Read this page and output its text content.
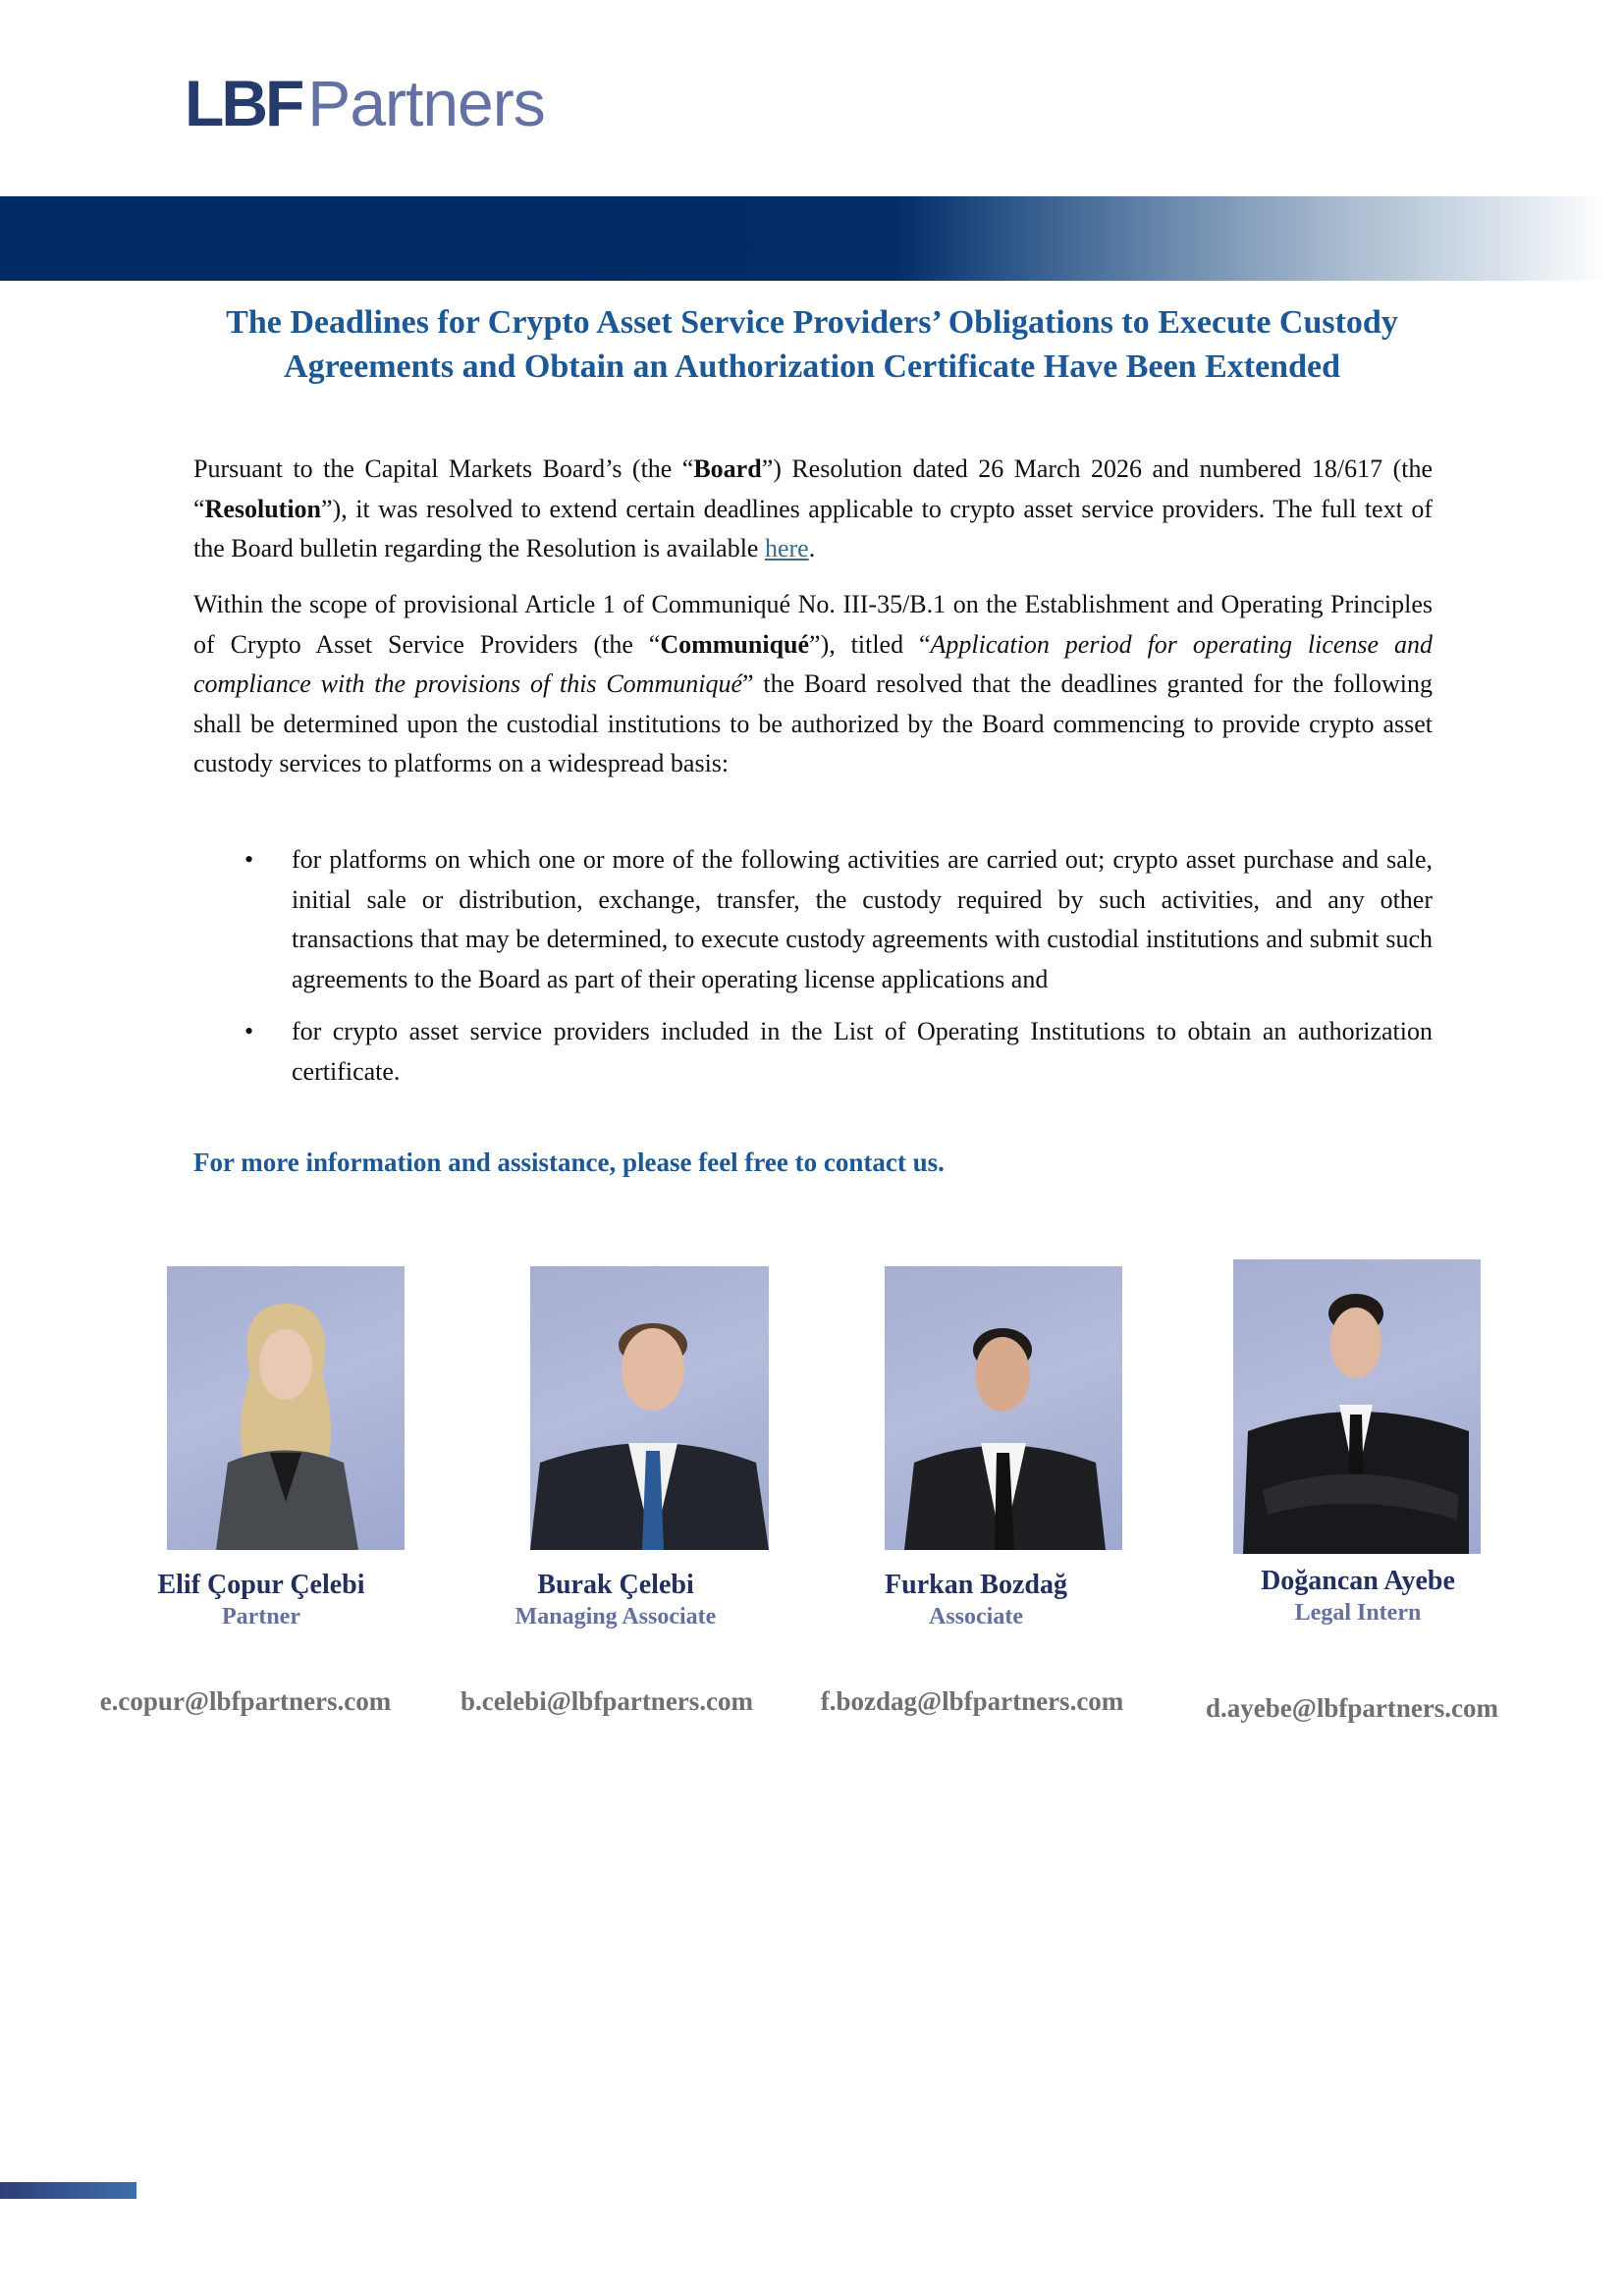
LBF Partners
The Deadlines for Crypto Asset Service Providers’ Obligations to Execute Custody Agreements and Obtain an Authorization Certificate Have Been Extended

Pursuant to the Capital Markets Board’s (the “Board”) Resolution dated 26 March 2026 and numbered 18/617 (the “Resolution”), it was resolved to extend certain deadlines applicable to crypto asset service providers. The full text of the Board bulletin regarding the Resolution is available here.

Within the scope of provisional Article 1 of Communiqué No. III-35/B.1 on the Establishment and Operating Principles of Crypto Asset Service Providers (the “Communiqué”), titled “Application period for operating license and compliance with the provisions of this Communiqué” the Board resolved that the deadlines granted for the following shall be determined upon the custodial institutions to be authorized by the Board commencing to provide crypto asset custody services to platforms on a widespread basis:

• for platforms on which one or more of the following activities are carried out; crypto asset purchase and sale, initial sale or distribution, exchange, transfer, the custody required by such activities, and any other transactions that may be determined, to execute custody agreements with custodial institutions and submit such agreements to the Board as part of their operating license applications and
• for crypto asset service providers included in the List of Operating Institutions to obtain an authorization certificate.
For more information and assistance, please feel free to contact us.
Elif Çopur Çelebi
Partner
Burak Çelebi
Managing Associate
Furkan Bozdağ
Associate
Doğancan Ayebe
Legal Intern
e.copur@lbfpartners.com	b.celebi@lbfpartners.com	f.bozdag@lbfpartners.com	d.ayebe@lbfpartners.com
